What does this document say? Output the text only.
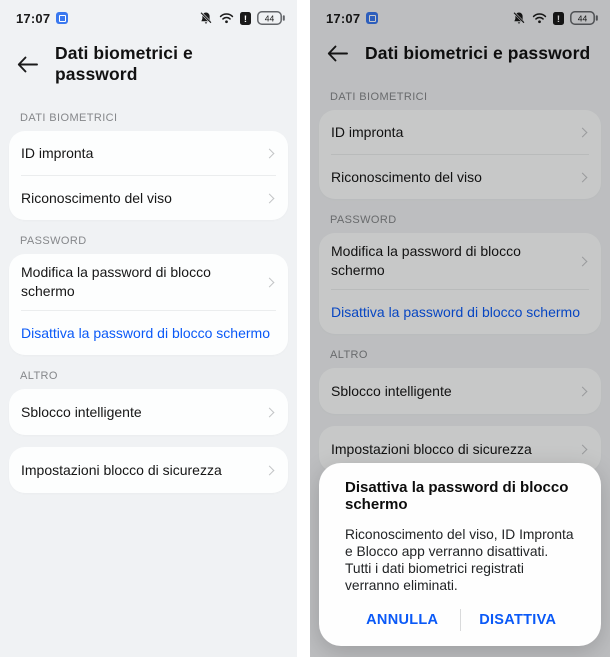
17:07	! 44
Dati biometrici e password
DATI BIOMETRICI
ID impronta
Riconoscimento del viso
PASSWORD
Modifica la password di blocco schermo
Disattiva la password di blocco schermo
ALTRO
Sblocco intelligente
Impostazioni blocco di sicurezza
17:07	! 44
Dati biometrici e password
DATI BIOMETRICI
ID impronta
Riconoscimento del viso
PASSWORD
Modifica la password di blocco schermo
Disattiva la password di blocco schermo
ALTRO
Sblocco intelligente
Impostazioni blocco di sicurezza
Disattiva la password di blocco schermo
Riconoscimento del viso, ID Impronta e Blocco app verranno disattivati. Tutti i dati biometrici registrati verranno eliminati.
ANNULLA	DISATTIVA
